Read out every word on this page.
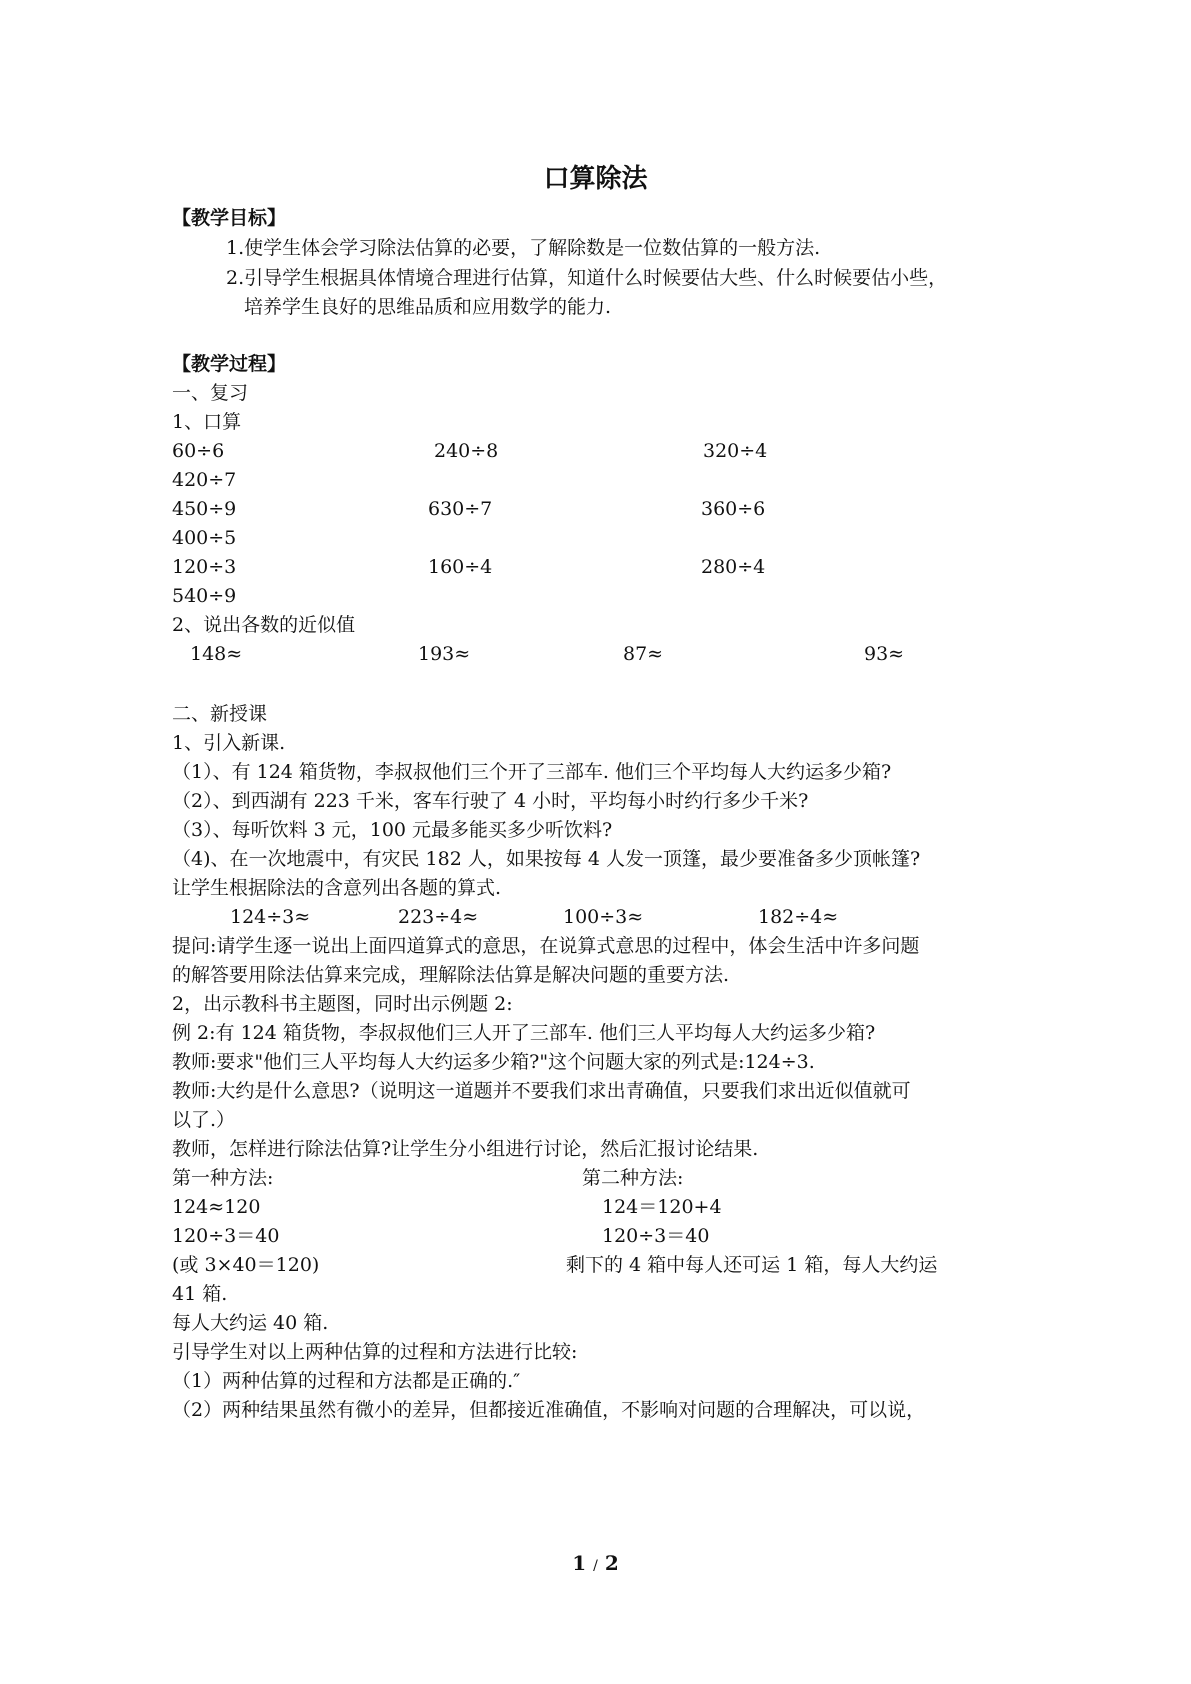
口算除法
【教学目标】
1.使学生体会学习除法估算的必要，了解除数是一位数估算的一般方法.
2.引导学生根据具体情境合理进行估算，知道什么时候要估大些、什么时候要估小些，
培养学生良好的思维品质和应用数学的能力.
【教学过程】
一、复习
1、口算
60÷6	240÷8	320÷4
420÷7
450÷9	630÷7	360÷6
400÷5
120÷3	160÷4	280÷4
540÷9
2、说出各数的近似值
148≈	193≈	87≈	93≈
二、新授课
1、引入新课.
（1）、有 124 箱货物，李叔叔他们三个开了三部车. 他们三个平均每人大约运多少箱?
（2）、到西湖有 223 千米，客车行驶了 4 小时，平均每小时约行多少千米?
（3）、每听饮料 3 元，100 元最多能买多少听饮料?
（4)、在一次地震中，有灾民 182 人，如果按每 4 人发一顶篷，最少要准备多少顶帐篷?
让学生根据除法的含意列出各题的算式.
124÷3≈	223÷4≈	100÷3≈	182÷4≈
提问:请学生逐一说出上面四道算式的意思，在说算式意思的过程中，体会生活中许多问题
的解答要用除法估算来完成，理解除法估算是解决问题的重要方法.
2，出示教科书主题图，同时出示例题 2:
例 2:有 124 箱货物，李叔叔他们三人开了三部车. 他们三人平均每人大约运多少箱?
教师:要求"他们三人平均每人大约运多少箱?"这个问题大家的列式是:124÷3.
教师:大约是什么意思?（说明这一道题并不要我们求出青确值，只要我们求出近似值就可
以了.）
教师，怎样进行除法估算?让学生分小组进行讨论，然后汇报讨论结果.
第一种方法:	第二种方法:
124≈120	124＝120+4
120÷3＝40	120÷3＝40
(或 3×40＝120)	剩下的 4 箱中每人还可运 1 箱，每人大约运
41 箱.
每人大约运 40 箱.
引导学生对以上两种估算的过程和方法进行比较:
（1）两种估算的过程和方法都是正确的.″
（2）两种结果虽然有微小的差异，但都接近准确值，不影响对问题的合理解决，可以说，
1 / 2
